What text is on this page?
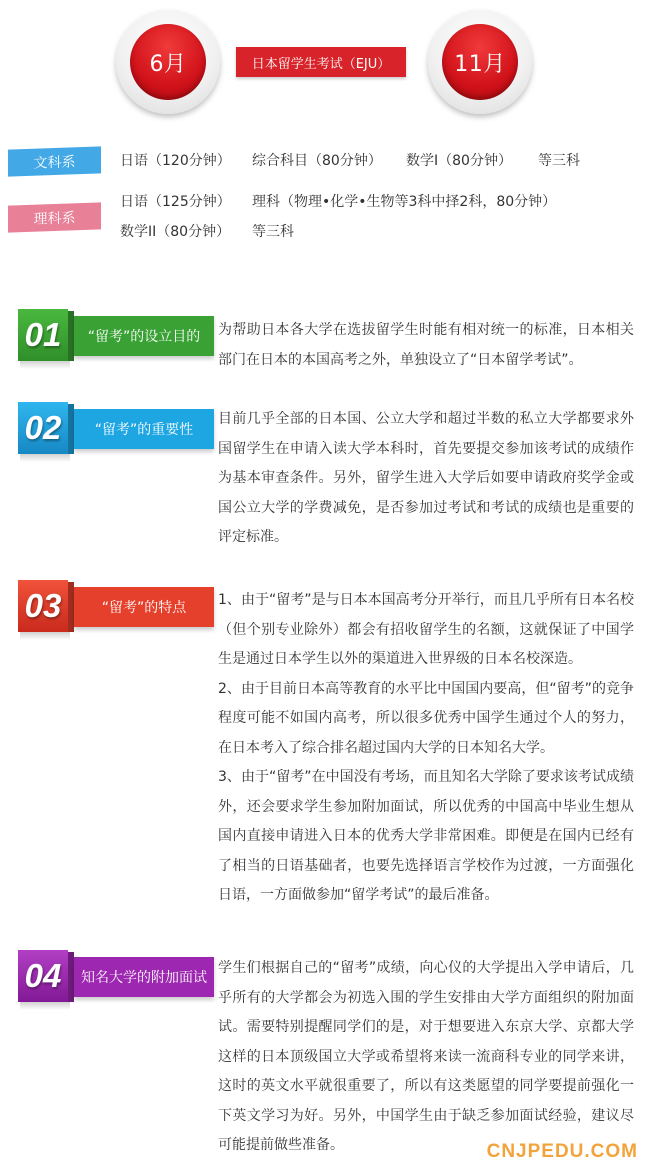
6月	日本留学生考试（EJU）	11月
文科系	日语（120分钟） 综合科目（80分钟） 数学I（80分钟） 等三科
理科系
日语（125分钟） 理科（物理•化学•生物等3科中择2科，80分钟）
数学II（80分钟） 等三科
01	“留考”的设立目的	为帮助日本各大学在选拔留学生时能有相对统一的标准，日本相关部门在日本的本国高考之外，单独设立了“日本留学考试”。

02	“留考”的重要性

目前几乎全部的日本国、公立大学和超过半数的私立大学都要求外国留学生在申请入读大学本科时，首先要提交参加该考试的成绩作为基本审查条件。另外，留学生进入大学后如要申请政府奖学金或国公立大学的学费减免，是否参加过考试和考试的成绩也是重要的评定标准。

03	“留考”的特点	1、由于“留考”是与日本本国高考分开举行，而且几乎所有日本名校（但个别专业除外）都会有招收留学生的名额，这就保证了中国学生是通过日本学生以外的渠道进入世界级的日本名校深造。

2、由于目前日本高等教育的水平比中国国内要高，但“留考”的竞争程度可能不如国内高考，所以很多优秀中国学生通过个人的努力，在日本考入了综合排名超过国内大学的日本知名大学。

3、由于“留考”在中国没有考场，而且知名大学除了要求该考试成绩外，还会要求学生参加附加面试，所以优秀的中国高中毕业生想从国内直接申请进入日本的优秀大学非常困难。即便是在国内已经有了相当的日语基础者，也要先选择语言学校作为过渡，一方面强化日语，一方面做参加“留学考试”的最后准备。

04	知名大学的附加面试

学生们根据自己的“留考”成绩，向心仪的大学提出入学申请后，几乎所有的大学都会为初选入围的学生安排由大学方面组织的附加面试。需要特别提醒同学们的是，对于想要进入东京大学、京都大学这样的日本顶级国立大学或希望将来读一流商科专业的同学来讲，这时的英文水平就很重要了，所以有这类愿望的同学要提前强化一下英文学习为好。另外，中国学生由于缺乏参加面试经验，建议尽可能提前做些准备。	CNJPEDU.COM
